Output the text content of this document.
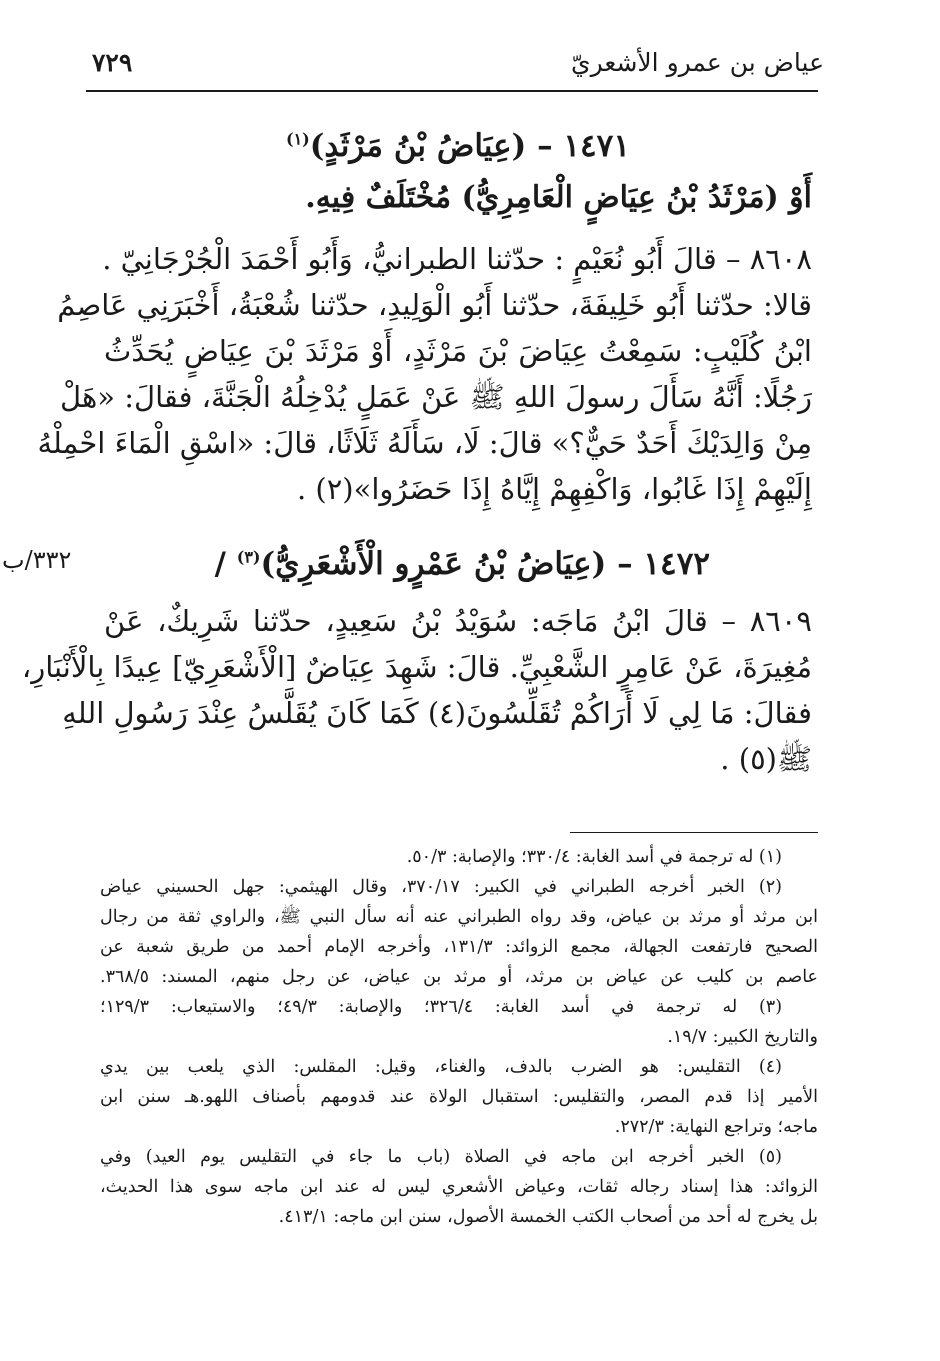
عياض بن عمرو الأشعريّ
٧٢٩
١٤٧١ – (عِيَاضُ بْنُ مَرْثَدٍ)$^{(١)}$
أَوْ (مَرْثَدُ بْنُ عِيَاضٍ الْعَامِرِيُّ) مُخْتَلَفٌ فِيهِ.
٨٦٠٨ – قالَ أَبُو نُعَيْمٍ : حدّثنا الطبرانيُّ، وَأَبُو أَحْمَدَ الْجُرْجَانِيّ .
قالا: حدّثنا أَبُو خَلِيفَةَ، حدّثنا أَبُو الْوَلِيدِ، حدّثنا شُعْبَةُ، أَخْبَرَنِي عَاصِمُ
ابْنُ كُلَيْبٍ: سَمِعْتُ عِيَاضَ بْنَ مَرْثَدٍ، أَوْ مَرْثَدَ بْنَ عِيَاضٍ يُحَدِّثُ
رَجُلًا: أَنَّهُ سَأَلَ رسولَ اللهِ ﷺ عَنْ عَمَلٍ يُدْخِلُهُ الْجَنَّةَ، فقالَ: «هَلْ
مِنْ وَالِدَيْكَ أَحَدٌ حَيٌّ؟» قالَ: لَا، سَأَلَهُ ثَلَاثًا، قالَ: «اسْقِ الْمَاءَ احْمِلْهُ
إِلَيْهِمْ إِذَا غَابُوا، وَاكْفِهِمْ إِيَّاهُ إِذَا حَضَرُوا»(٢) .
٣٣٢/ب	١٤٧٢ – (عِيَاضُ بْنُ عَمْرٍو الْأَشْعَرِيُّ)$^{(٣)}$ /
٨٦٠٩ – قالَ ابْنُ مَاجَه: سُوَيْدُ بْنُ سَعِيدٍ، حدّثنا شَرِيكٌ، عَنْ
مُغِيرَةَ، عَنْ عَامِرٍ الشَّعْبِيِّ. قالَ: شَهِدَ عِيَاضٌ [الْأَشْعَرِيّ] عِيدًا بِالْأَنْبَارِ،
فقالَ: مَا لِي لَا أَرَاكُمْ تُقَلِّسُونَ(٤) كَمَا كَانَ يُقَلَّسُ عِنْدَ رَسُولِ اللهِ
ﷺ(٥) .
(١) له ترجمة في أسد الغابة: ٣٣٠/٤؛ والإصابة: ٥٠/٣.
(٢) الخبر أخرجه الطبراني في الكبير: ٣٧٠/١٧، وقال الهيثمي: جهل الحسيني عياض
ابن مرثد أو مرثد بن عياض، وقد رواه الطبراني عنه أنه سأل النبي ﷺ، والراوي ثقة من رجال
الصحيح فارتفعت الجهالة، مجمع الزوائد: ١٣١/٣، وأخرجه الإمام أحمد من طريق شعبة عن
عاصم بن كليب عن عياض بن مرثد، أو مرثد بن عياض، عن رجل منهم، المسند: ٣٦٨/٥.
(٣) له ترجمة في أسد الغابة: ٣٢٦/٤؛ والإصابة: ٤٩/٣؛ والاستيعاب: ١٢٩/٣؛
والتاريخ الكبير: ١٩/٧.
(٤) التقليس: هو الضرب بالدف، والغناء، وقيل: المقلس: الذي يلعب بين يدي
الأمير إذا قدم المصر، والتقليس: استقبال الولاة عند قدومهم بأصناف اللهو.هـ سنن ابن
ماجه؛ وتراجع النهاية: ٢٧٢/٣.
(٥) الخبر أخرجه ابن ماجه في الصلاة (باب ما جاء في التقليس يوم العيد) وفي
الزوائد: هذا إسناد رجاله ثقات، وعياض الأشعري ليس له عند ابن ماجه سوى هذا الحديث،
بل يخرج له أحد من أصحاب الكتب الخمسة الأصول، سنن ابن ماجه: ٤١٣/١.
